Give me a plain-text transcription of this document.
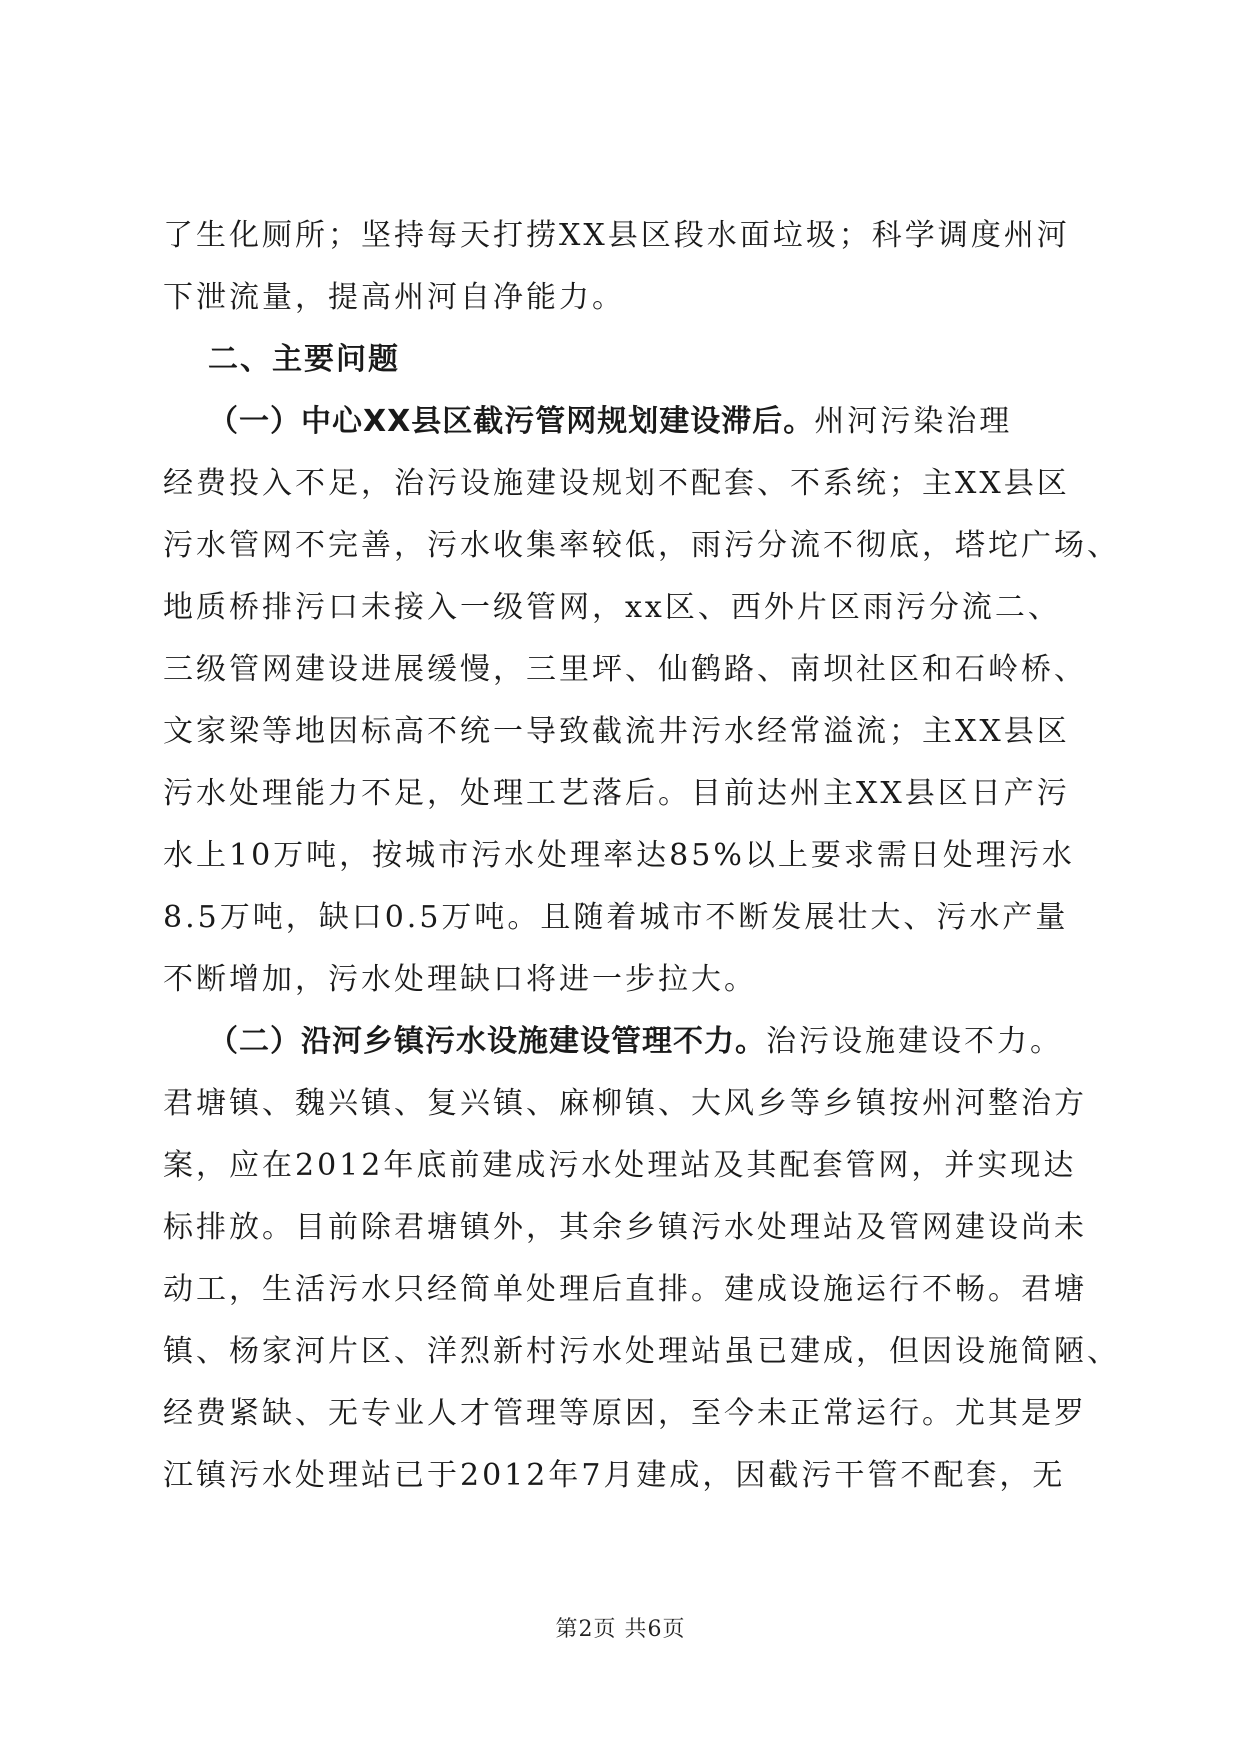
了生化厕所；坚持每天打捞XX县区段水面垃圾；科学调度州河
下泄流量，提高州河自净能力。
二、主要问题
（一）中心XX县区截污管网规划建设滞后。州河污染治理
经费投入不足，治污设施建设规划不配套、不系统；主XX县区
污水管网不完善，污水收集率较低，雨污分流不彻底，塔坨广场、
地质桥排污口未接入一级管网，xx区、西外片区雨污分流二、
三级管网建设进展缓慢，三里坪、仙鹤路、南坝社区和石岭桥、
文家梁等地因标高不统一导致截流井污水经常溢流；主XX县区
污水处理能力不足，处理工艺落后。目前达州主XX县区日产污
水上10万吨，按城市污水处理率达85%以上要求需日处理污水
8.5万吨，缺口0.5万吨。且随着城市不断发展壮大、污水产量
不断增加，污水处理缺口将进一步拉大。
（二）沿河乡镇污水设施建设管理不力。治污设施建设不力。
君塘镇、魏兴镇、复兴镇、麻柳镇、大风乡等乡镇按州河整治方
案，应在2012年底前建成污水处理站及其配套管网，并实现达
标排放。目前除君塘镇外，其余乡镇污水处理站及管网建设尚未
动工，生活污水只经简单处理后直排。建成设施运行不畅。君塘
镇、杨家河片区、洋烈新村污水处理站虽已建成，但因设施简陋、
经费紧缺、无专业人才管理等原因，至今未正常运行。尤其是罗
江镇污水处理站已于2012年7月建成，因截污干管不配套，无
第2页 共6页
